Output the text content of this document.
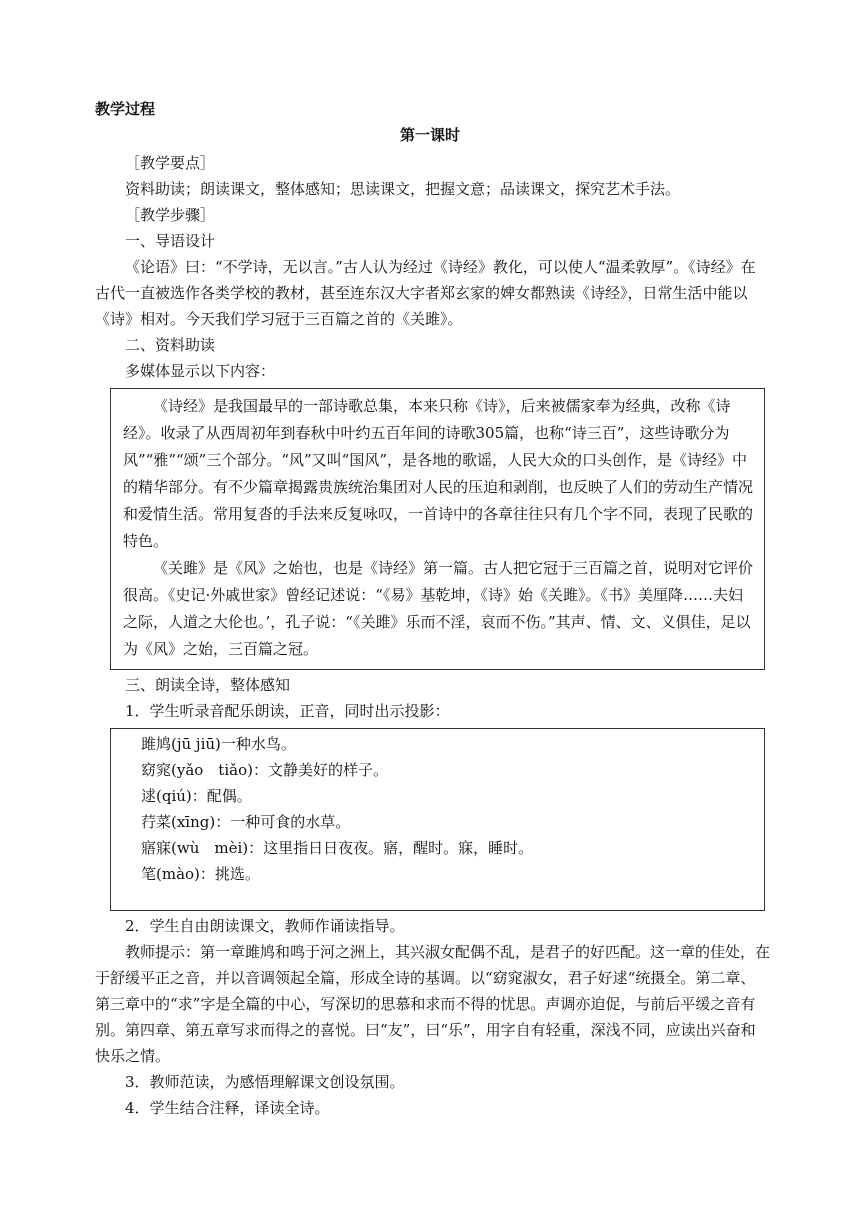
教学过程
第一课时

［教学要点］

资料助读；朗读课文，整体感知；思读课文，把握文意；品读课文，探究艺术手法。

［教学步骤］

一、导语设计

《论语》曰：“不学诗，无以言。”古人认为经过《诗经》教化，可以使人“温柔敦厚”。《诗经》在古代一直被选作各类学校的教材，甚至连东汉大字者郑玄家的婢女都熟读《诗经》，日常生活中能以《诗》相对。今天我们学习冠于三百篇之首的《关雎》。

二、资料助读

多媒体显示以下内容：

《诗经》是我国最早的一部诗歌总集，本来只称《诗》，后来被儒家奉为经典，改称《诗经》。收录了从西周初年到春秋中叶约五百年间的诗歌305篇，也称“诗三百”，这些诗歌分为风”“雅”“颂”三个部分。“风”又叫“国风”，是各地的歌谣，人民大众的口头创作，是《诗经》中的精华部分。有不少篇章揭露贵族统治集团对人民的压迫和剥削，也反映了人们的劳动生产情况和爱情生活。常用复沓的手法来反复咏叹，一首诗中的各章往往只有几个字不同，表现了民歌的特色。

《关雎》是《风》之始也，也是《诗经》第一篇。古人把它冠于三百篇之首，说明对它评价很高。《史记·外戚世家》曾经记述说：“《易》基乾坤，《诗》始《关雎》。《书》美厘降……夫妇之际，人道之大伦也。’，孔子说：“《关雎》乐而不淫，哀而不伤。”其声、情、文、义俱佳，足以为《风》之始，三百篇之冠。

三、朗读全诗，整体感知

1．学生听录音配乐朗读，正音，同时出示投影：

雎鸠(jū jiū)一种水鸟。

窈窕(yǎo　tiǎo)：文静美好的样子。

逑(qiú)：配偶。

荇菜(xīng)：一种可食的水草。

寤寐(wù　mèi)：这里指日日夜夜。寤，醒时。寐，睡时。

笔(mào)：挑选。

2．学生自由朗读课文，教师作诵读指导。

教师提示：第一章雎鸠和鸣于河之洲上，其兴淑女配偶不乱，是君子的好匹配。这一章的佳处，在于舒缓平正之音，并以音调领起全篇，形成全诗的基调。以“窈窕淑女，君子好逑“统摄全。第二章、第三章中的“求”字是全篇的中心，写深切的思慕和求而不得的忧思。声调亦迫促，与前后平缓之音有别。第四章、第五章写求而得之的喜悦。曰“友”，曰“乐”，用字自有轻重，深浅不同，应读出兴奋和快乐之情。

3．教师范读，为感悟理解课文创设氛围。

4．学生结合注释，译读全诗。
